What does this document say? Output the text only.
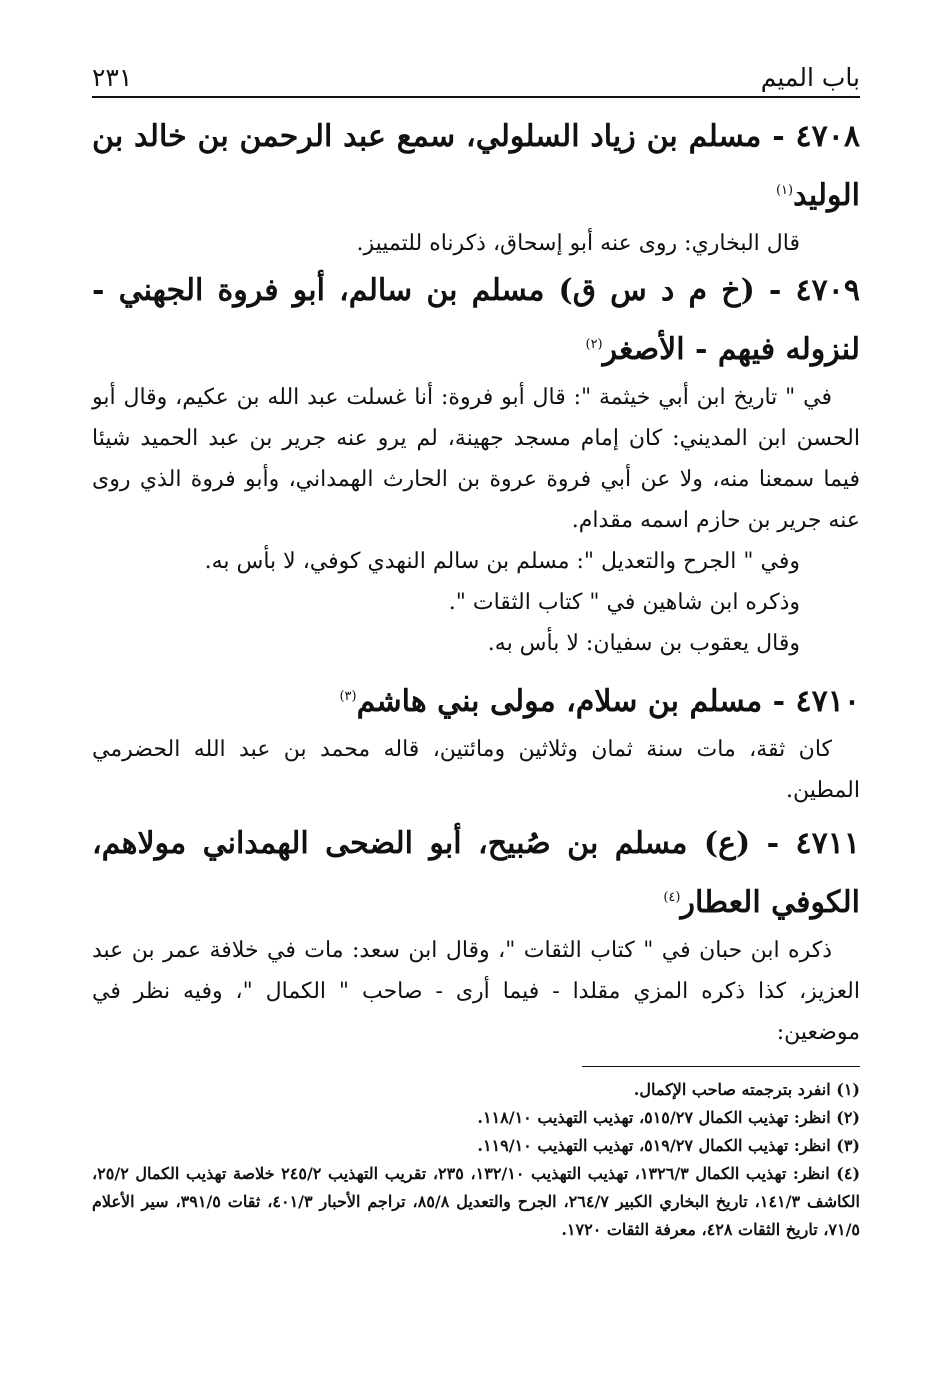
باب الميم
٢٣١

٤٧٠٨ - مسلم بن زياد السلولي، سمع عبد الرحمن بن خالد بن الوليد$^{(١)}$

قال البخاري: روى عنه أبو إسحاق، ذكرناه للتمييز.

٤٧٠٩ - (خ م د س ق) مسلم بن سالم، أبو فروة الجهني - لنزوله فيهم - الأصغر$^{(٢)}$

في " تاريخ ابن أبي خيثمة ": قال أبو فروة: أنا غسلت عبد الله بن عكيم، وقال أبو الحسن ابن المديني: كان إمام مسجد جهينة، لم يرو عنه جرير بن عبد الحميد شيئا فيما سمعنا منه، ولا عن أبي فروة عروة بن الحارث الهمداني، وأبو فروة الذي روى عنه جرير بن حازم اسمه مقدام.

وفي " الجرح والتعديل ": مسلم بن سالم النهدي كوفي، لا بأس به.

وذكره ابن شاهين في " كتاب الثقات ".

وقال يعقوب بن سفيان: لا بأس به.

٤٧١٠ - مسلم بن سلام، مولى بني هاشم$^{(٣)}$

كان ثقة، مات سنة ثمان وثلاثين ومائتين، قاله محمد بن عبد الله الحضرمي المطين.

٤٧١١ - (ع) مسلم بن صُبيح، أبو الضحى الهمداني مولاهم، الكوفي العطار$^{(٤)}$

ذكره ابن حبان في " كتاب الثقات "، وقال ابن سعد: مات في خلافة عمر بن عبد العزيز، كذا ذكره المزي مقلدا - فيما أرى - صاحب " الكمال "، وفيه نظر في موضعين:

(١) انفرد بترجمته صاحب الإكمال.

(٢) انظر: تهذيب الكمال ٥١٥/٢٧، تهذيب التهذيب ١١٨/١٠.

(٣) انظر: تهذيب الكمال ٥١٩/٢٧، تهذيب التهذيب ١١٩/١٠.

(٤) انظر: تهذيب الكمال ١٣٢٦/٣، تهذيب التهذيب ١٣٢/١٠، ٢٣٥، تقريب التهذيب ٢٤٥/٢ خلاصة تهذيب الكمال ٢٥/٢، الكاشف ١٤١/٣، تاريخ البخاري الكبير ٢٦٤/٧، الجرح والتعديل ٨٥/٨، تراجم الأحبار ٤٠١/٣، ثقات ٣٩١/٥، سير الأعلام ٧١/٥، تاريخ الثقات ٤٢٨، معرفة الثقات ١٧٢٠.
